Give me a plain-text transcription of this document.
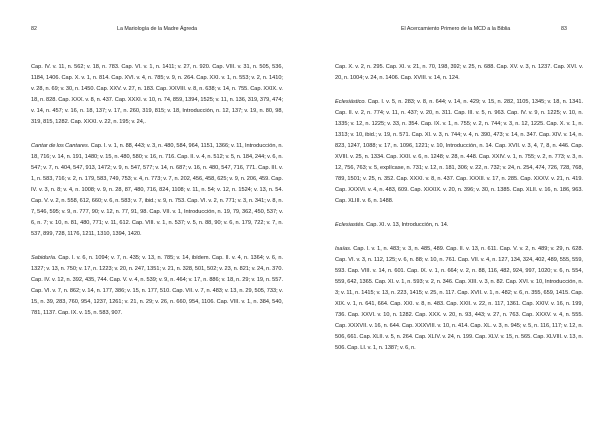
82	La Mariología de la Madre Ágreda	El Acercamiento Primero de la MCD a la Biblia	83

Cap. IV. v. 11, n. 562; v. 18, n. 783. Cap. VI. v. 1, n. 1411; v. 27, n. 920. Cap. VIII. v. 31, n. 505, 536, 1184, 1406. Cap. X. v. 1, n. 814. Cap. XVI. v. 4, n. 785; v. 9, n. 264. Cap. XXI. v. 1, n. 553; v. 2, n. 1410; v. 28, n. 69; v. 30, n. 1450. Cap. XXV. v. 27, n. 183. Cap. XXVIII. v. 8, n. 638; v. 14, n. 755. Cap. XXIX. v. 18, n. 828. Cap. XXX. v. 8, n. 437. Cap. XXXI. v. 10, n. 74, 859, 1394, 1525; v. 11, n. 136, 319, 379, 474; v. 14, n. 457; v. 16, n. 18, 137; v. 17, n. 260, 319, 815; v. 18, Introducción, n. 12, 137; v. 19, n. 80, 98, 319, 815, 1282. Cap. XXXI. v. 22, n. 195; v. 24,.

Cantar de los Cantares. Cap. I. v. 1, n. 88, 443; v. 3, n. 480, 584, 964, 1151, 1366; v. 11, Introducción, n. 18, 716; v. 14, n. 191, 1480; v. 15, n. 480, 580; v. 16, n. 716. Cap. II. v. 4, n. 512; v. 5, n. 184, 244; v. 6, n. 547; v. 7, n. 404, 547, 913, 1472; v. 9, n. 547, 577; v. 14, n. 687; v. 16, n. 480, 547, 716, 771. Cap. III. v. 1, n. 583, 716; v. 2, n. 179, 583, 749, 753; v. 4, n. 773; v. 7, n. 202, 456, 458, 625; v. 9, n. 206, 459. Cap. IV. v. 3, n. 8; v. 4, n. 1008; v. 9, n. 28, 87, 480, 716, 824, 1108; v. 11, n. 54; v. 12, n. 1524; v. 13, n. 54. Cap. V. v. 2, n. 558, 612, 660; v. 6, n. 583; v. 7, ibid.; v. 9, n. 753. Cap. VI. v. 2, n. 771; v. 3, n. 341; v. 8, n. 7, 546, 595; v. 9, n. 777, 90; v. 12, n. 77, 91, 98. Cap. VII. v. 1, Introducción, n. 19, 79, 362, 450, 537; v. 6, n. 7; v. 10, n. 81, 480, 771; v. 11, 612. Cap. VIII. v. 1, n. 537; v. 5, n. 88, 90; v. 6, n. 179, 722; v. 7, n. 537, 899, 728, 1176, 1211, 1310, 1394, 1420.

Sabiduría. Cap. I. v. 6, n. 1094; v. 7, n. 435; v. 13, n. 785; v. 14, ibídem. Cap. II. v. 4, n. 1364; v. 6, n. 1327; v. 13, n. 750; v. 17, n. 1223; v. 20, n. 247, 1351; v. 21, n. 328, 501, 502; v. 23, n. 821; v. 24, n. 370. Cap. IV. v. 12, n. 392, 435, 744. Cap. V. v. 4, n. 539; v. 9, n. 464; v. 17, n. 886; v. 18, n. 29; v. 19, n. 557. Cap. VI. v. 7, n. 862; v. 14, n. 177, 386; v. 15, n. 177, 510. Cap. VII. v. 7, n. 483; v. 13, n. 29, 505, 733; v. 15, n. 39, 283, 760, 954, 1237, 1261; v. 21, n. 29; v. 26, n. 660, 954, 1106. Cap. VIII. v. 1, n. 384, 540, 781, 1137. Cap. IX. v. 15, n. 583, 907.

Cap. X. v. 2, n. 295. Cap. XI. v. 21, n. 70, 198, 392; v. 25, n. 688. Cap. XV. v. 3, n. 1237. Cap. XVI. v. 20, n. 1004; v. 24, n. 1406. Cap. XVIII. v. 14, n. 124.

Eclesiástico. Cap. I. v. 5, n. 283; v. 8, n. 644; v. 14, n. 429; v. 15, n. 282, 1105, 1345; v. 18, n. 1341. Cap. II. v. 2, n. 774; v. 11, n. 437; v. 20, n. 311. Cap. III. v. 5, n. 963. Cap. IV. v. 9, n. 1225; v. 10, n. 1335; v. 12, n. 1225; v. 33, n. 354. Cap. IX. v. 1, n. 755; v. 2, n. 744; v. 3, n. 12, 1225. Cap. X. v. 1, n. 1313; v. 10, ibid.; v. 19, n. 571. Cap. XI. v. 3, n. 744; v. 4, n. 390, 473; v. 14, n. 347. Cap. XIV. v. 14, n. 823, 1247, 1088; v. 17, n. 1096, 1221; v. 10, Introducción, n. 14. Cap. XVII. v. 3, 4, 7, 8, n. 446. Cap. XVIII. v. 25, n. 1334. Cap. XXII. v. 6, n. 1248; v. 28, n. 448. Cap. XXIV. v. 1, n. 755; v. 2, n. 773; v. 3, n. 12, 756, 763; v. 5, explícase, n. 731; v. 12, n. 181, 306; v. 22, n. 732; v. 24, n. 254, 474, 726, 728, 768, 789, 1501; v. 25, n. 352. Cap. XXXI. v. 8, n. 437. Cap. XXXII. v. 17, n. 285. Cap. XXXV. v. 21, n. 419. Cap. XXXVI. v. 4, n. 483, 609. Cap. XXXIX. v. 20, n. 396; v. 30, n. 1385. Cap. XLII. v. 16, n. 186, 963. Cap. XLIII. v. 6, n. 1488.

Eclesiastés. Cap. XI. v. 13, Introducción, n. 14.

Isaías. Cap. I. v. 1, n. 483; v. 3, n. 485, 489. Cap. II. v. 13, n. 611. Cap. V. v. 2, n. 489; v. 29, n. 628. Cap. VI. v. 3, n. 112, 125; v. 6, n. 88; v. 10, n. 761. Cap. VII. v. 4, n. 127, 134, 324, 402, 489, 555, 559, 593. Cap. VIII. v. 14, n. 601. Cap. IX. v. 1, n. 664; v. 2, n. 88, 116, 482, 924, 997, 1020; v. 6, n. 554, 559, 642, 1365. Cap. XI. v. 1, n. 593; v. 2, n. 346. Cap. XIII. v. 3, n. 82. Cap. XVI. v. 10, Introducción, n. 3; v. 11, n. 1415; v. 13, n. 223, 1415; v. 25, n. 117. Cap. XVII. v. 1, n. 482; v. 6, n. 355, 659, 1415. Cap. XIX. v. 1, n. 641, 664. Cap. XXI. v. 8, n. 483. Cap. XXII. v. 22, n. 117, 1361. Cap. XXIV. v. 16, n. 199, 736. Cap. XXVI. v. 10, n. 1282. Cap. XXX. v. 20, n. 93, 443; v. 27, n. 763. Cap. XXXV. v. 4, n. 555. Cap. XXXVII. v. 16, n. 644. Cap. XXXVIII. v. 10, n. 414. Cap. XL. v. 3, n. 945; v. 5, n. 116, 117; v. 12, n. 506, 661. Cap. XLII. v. 5, n. 264. Cap. XLIV. v. 24, n. 199. Cap. XLV. v. 15, n. 565. Cap. XLVIII. v. 13, n. 506. Cap. LI. v. 1, n. 1387; v. 6, n.
